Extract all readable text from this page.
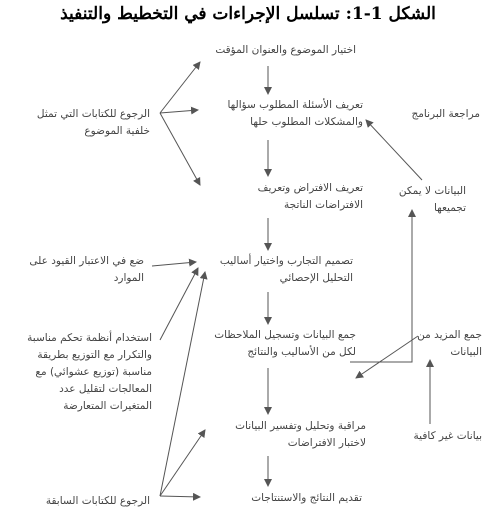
الشكل 1-1: تسلسل الإجراءات في التخطيط والتنفيذ
اختيار الموضوع والعنوان المؤقت
تعريف الأسئلة المطلوب سؤالها
والمشكلات المطلوب حلها
تعريف الافتراض وتعريف
الافتراضات الناتجة
تصميم التجارب واختيار أساليب
التحليل الإحصائي
جمع البيانات وتسجيل الملاحظات
لكل من الأساليب والنتائج
مراقبة وتحليل وتفسير البيانات
لاختبار الافتراضات
تقديم النتائج والاستنتاجات
الرجوع للكتابات التي تمثل
خلفية الموضوع
ضع في الاعتبار القيود على
الموارد
استخدام أنظمة تحكم مناسبة
والتكرار مع التوزيع بطريقة
مناسبة (توزيع عشوائي) مع
المعالجات لتقليل عدد
المتغيرات المتعارضة
الرجوع للكتابات السابقة
مراجعة البرنامج
البيانات لا يمكن
تجميعها
جمع المزيد من
البيانات
بيانات غير كافية
